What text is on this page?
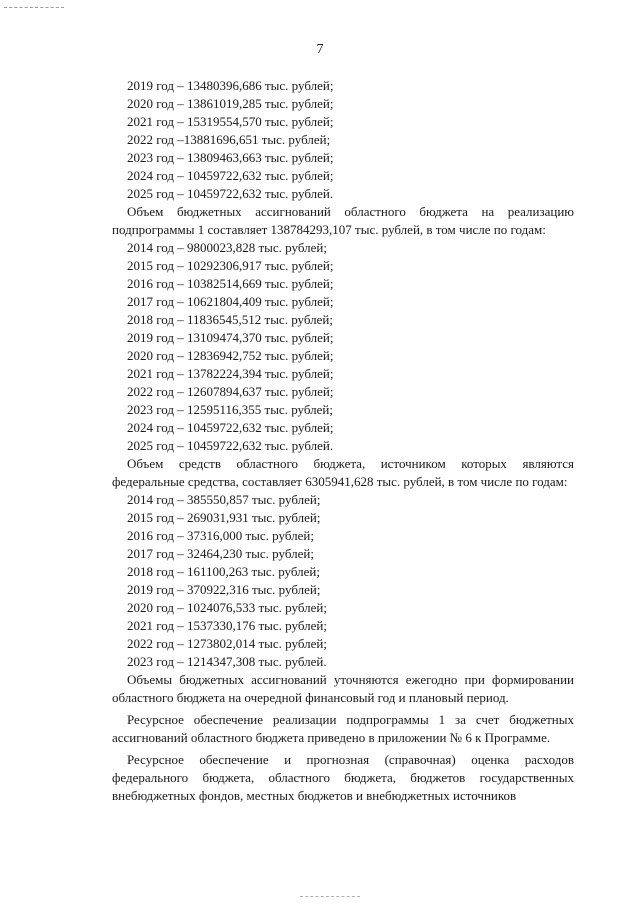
7
2019 год – 13480396,686 тыс. рублей;
2020 год – 13861019,285 тыс. рублей;
2021 год – 15319554,570 тыс. рублей;
2022 год –13881696,651 тыс. рублей;
2023 год – 13809463,663 тыс. рублей;
2024 год – 10459722,632 тыс. рублей;
2025 год – 10459722,632 тыс. рублей.

Объем бюджетных ассигнований областного бюджета на реализацию подпрограммы 1 составляет 138784293,107 тыс. рублей, в том числе по годам:

2014 год – 9800023,828 тыс. рублей;
2015 год – 10292306,917 тыс. рублей;
2016 год – 10382514,669 тыс. рублей;
2017 год – 10621804,409 тыс. рублей;
2018 год – 11836545,512 тыс. рублей;
2019 год – 13109474,370 тыс. рублей;
2020 год – 12836942,752 тыс. рублей;
2021 год – 13782224,394 тыс. рублей;
2022 год – 12607894,637 тыс. рублей;
2023 год – 12595116,355 тыс. рублей;
2024 год – 10459722,632 тыс. рублей;
2025 год – 10459722,632 тыс. рублей.

Объем средств областного бюджета, источником которых являются федеральные средства, составляет 6305941,628 тыс. рублей, в том числе по годам:

2014 год – 385550,857 тыс. рублей;
2015 год – 269031,931 тыс. рублей;
2016 год – 37316,000 тыс. рублей;
2017 год – 32464,230 тыс. рублей;
2018 год – 161100,263 тыс. рублей;
2019 год – 370922,316 тыс. рублей;
2020 год – 1024076,533 тыс. рублей;
2021 год – 1537330,176 тыс. рублей;
2022 год – 1273802,014 тыс. рублей;
2023 год – 1214347,308 тыс. рублей.

Объемы бюджетных ассигнований уточняются ежегодно при формировании областного бюджета на очередной финансовый год и плановый период.

Ресурсное обеспечение реализации подпрограммы 1 за счет бюджетных ассигнований областного бюджета приведено в приложении № 6 к Программе.

Ресурсное обеспечение и прогнозная (справочная) оценка расходов федерального бюджета, областного бюджета, бюджетов государственных внебюджетных фондов, местных бюджетов и внебюджетных источников
